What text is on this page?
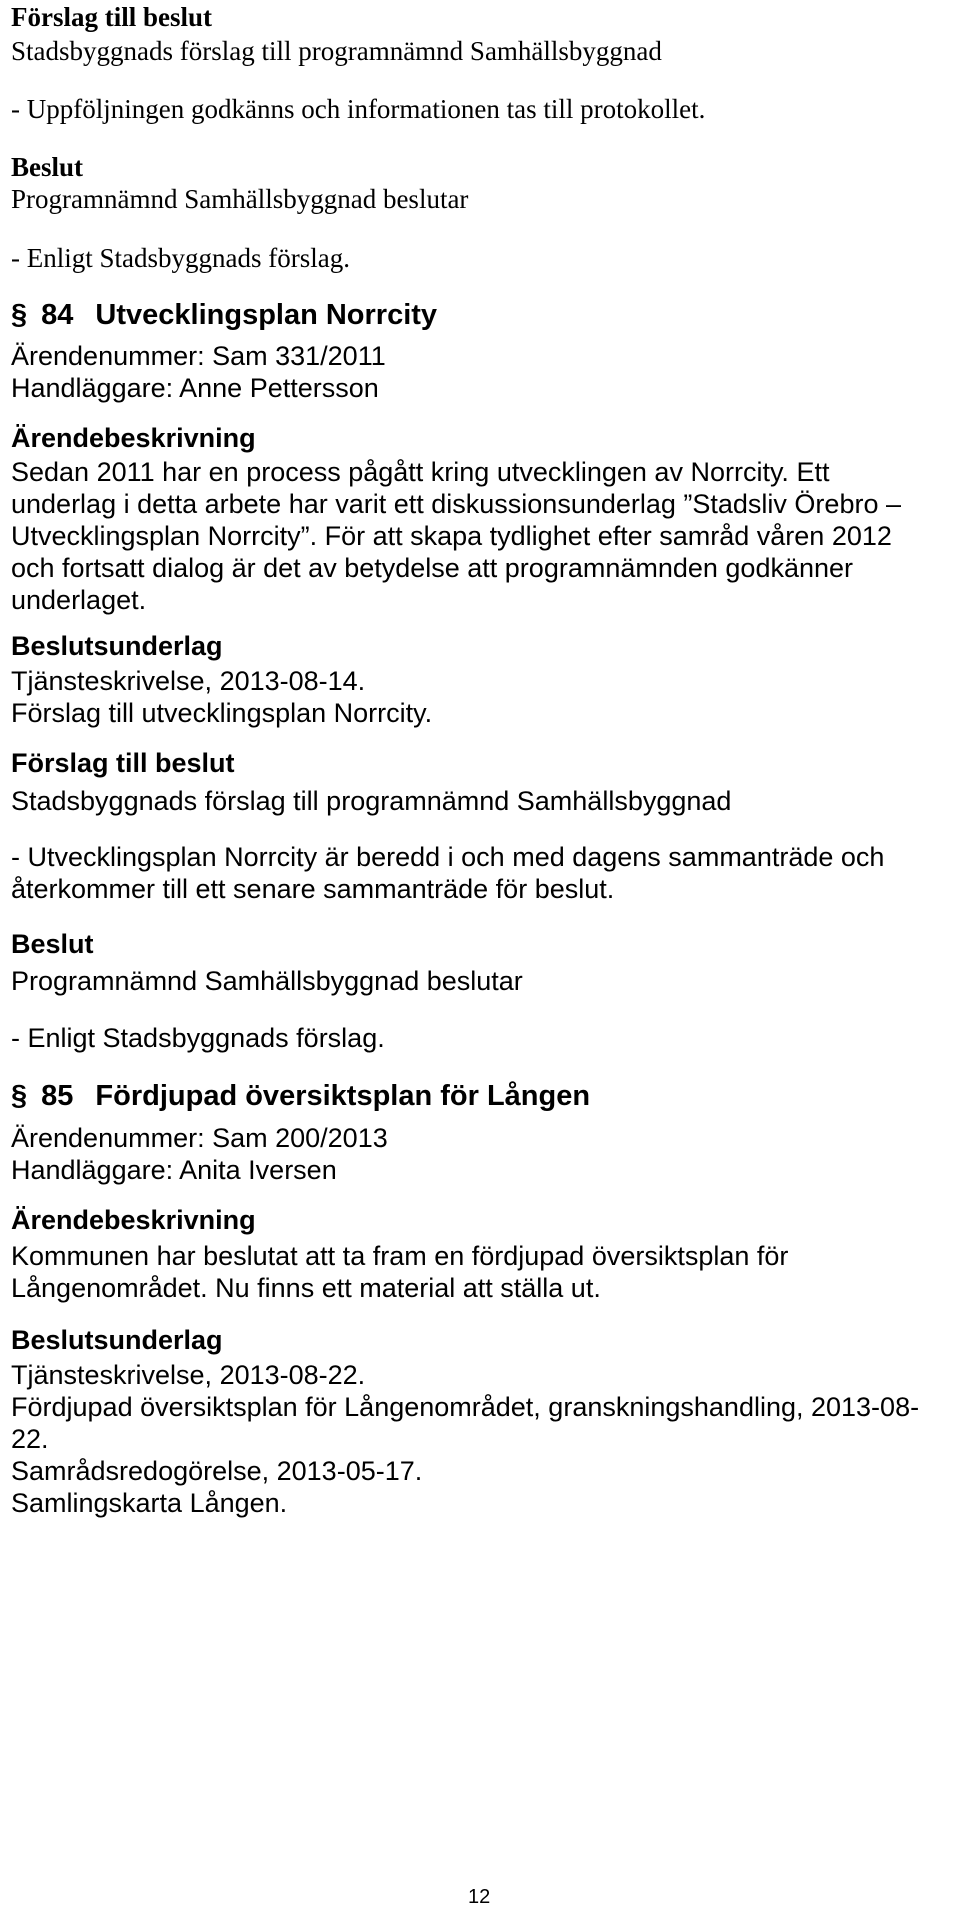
Förslag till beslut
Stadsbyggnads förslag till programnämnd Samhällsbyggnad
- Uppföljningen godkänns och informationen tas till protokollet.
Beslut
Programnämnd Samhällsbyggnad beslutar
- Enligt Stadsbyggnads förslag.
§ 84 Utvecklingsplan Norrcity
Ärendenummer: Sam 331/2011
Handläggare: Anne Pettersson
Ärendebeskrivning
Sedan 2011 har en process pågått kring utvecklingen av Norrcity. Ett
underlag i detta arbete har varit ett diskussionsunderlag ”Stadsliv Örebro –
Utvecklingsplan Norrcity”. För att skapa tydlighet efter samråd våren 2012
och fortsatt dialog är det av betydelse att programnämnden godkänner
underlaget.
Beslutsunderlag
Tjänsteskrivelse, 2013-08-14.
Förslag till utvecklingsplan Norrcity.
Förslag till beslut
Stadsbyggnads förslag till programnämnd Samhällsbyggnad
- Utvecklingsplan Norrcity är beredd i och med dagens sammanträde och
återkommer till ett senare sammanträde för beslut.
Beslut
Programnämnd Samhällsbyggnad beslutar
- Enligt Stadsbyggnads förslag.
§ 85 Fördjupad översiktsplan för Lången
Ärendenummer: Sam 200/2013
Handläggare: Anita Iversen
Ärendebeskrivning
Kommunen har beslutat att ta fram en fördjupad översiktsplan för
Långenområdet. Nu finns ett material att ställa ut.
Beslutsunderlag
Tjänsteskrivelse, 2013-08-22.
Fördjupad översiktsplan för Långenområdet, granskningshandling, 2013-08-
22.
Samrådsredogörelse, 2013-05-17.
Samlingskarta Lången.
12
